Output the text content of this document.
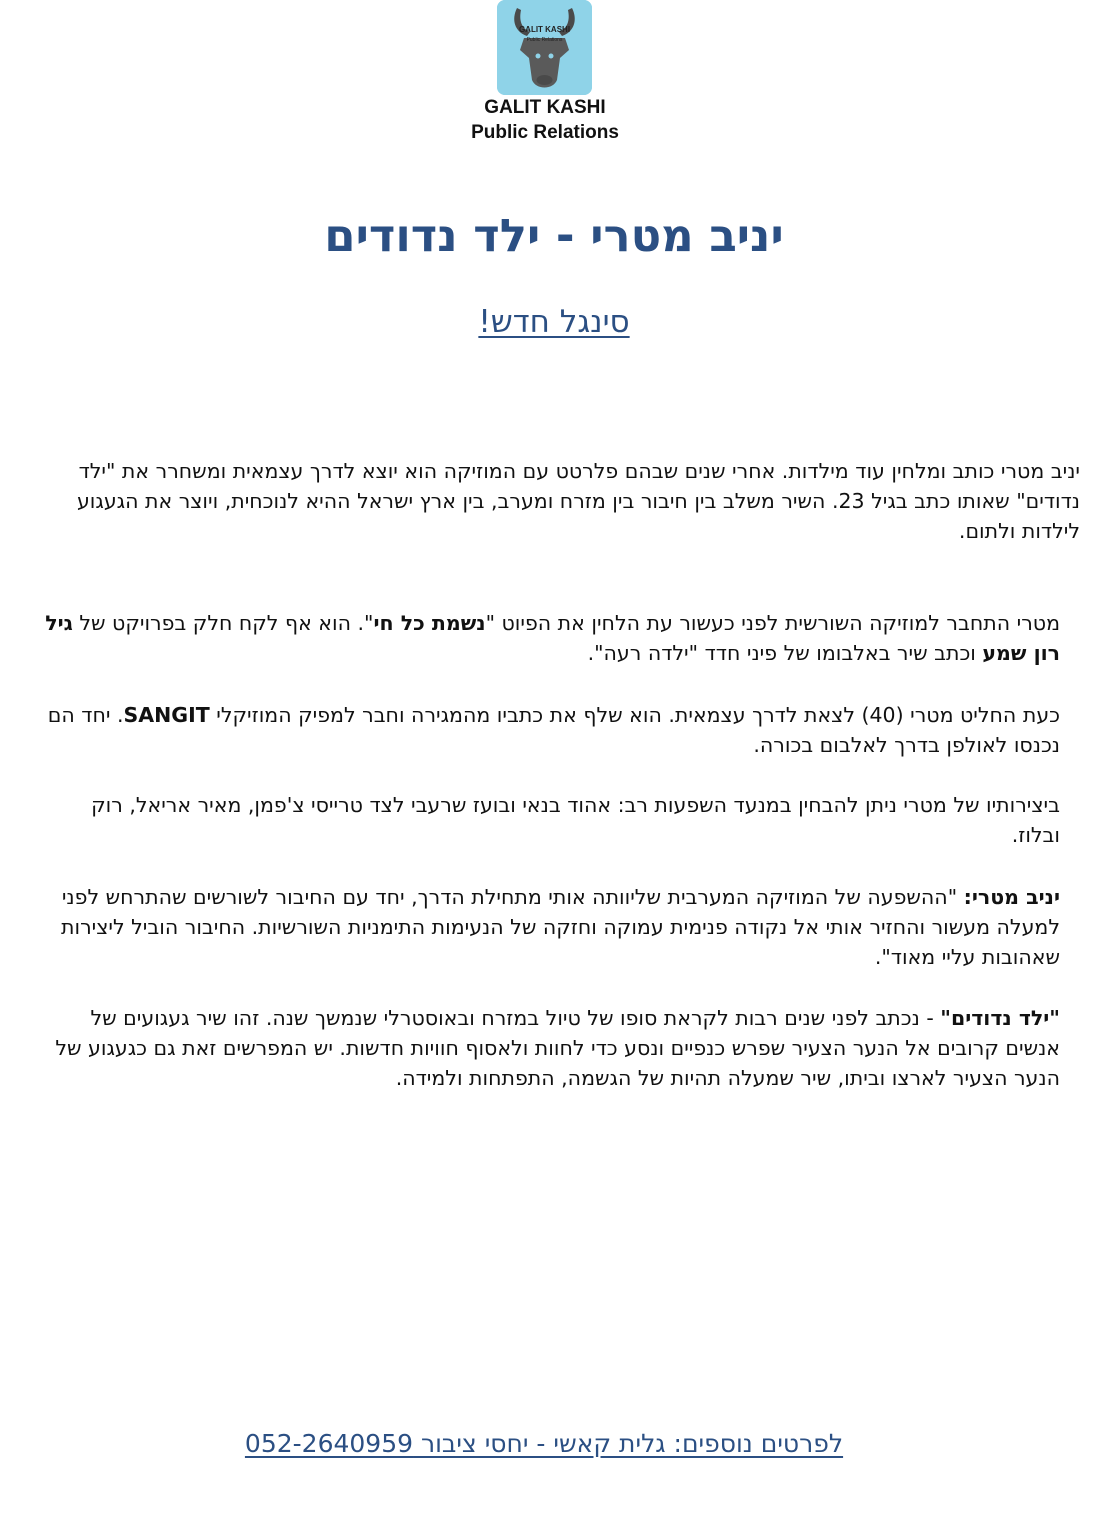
GALIT KASHI
Public Relations
GALIT KASHI
Public Relations
יניב מטרי - ילד נדודים
סינגל חדש!

יניב מטרי כותב ומלחין עוד מילדות. אחרי שנים שבהם פלרטט עם המוזיקה הוא יוצא לדרך עצמאית ומשחרר את "ילד נדודים" שאותו כתב בגיל 23. השיר משלב בין חיבור בין מזרח ומערב, בין ארץ ישראל ההיא לנוכחית, ויוצר את הגעגוע לילדות ולתום.

מטרי התחבר למוזיקה השורשית לפני כעשור עת הלחין את הפיוט "נשמת כל חי". הוא אף לקח חלק בפרויקט של גיל רון שמע וכתב שיר באלבומו של פיני חדד "ילדה רעה".

כעת החליט מטרי (40) לצאת לדרך עצמאית. הוא שלף את כתביו מהמגירה וחבר למפיק המוזיקלי SANGIT. יחד הם נכנסו לאולפן בדרך לאלבום בכורה.

ביצירותיו של מטרי ניתן להבחין במנעד השפעות רב: אהוד בנאי ובועז שרעבי לצד טרייסי צ'פמן, מאיר אריאל, רוק ובלוז.

יניב מטרי: "ההשפעה של המוזיקה המערבית שליוותה אותי מתחילת הדרך, יחד עם החיבור לשורשים שהתרחש לפני למעלה מעשור והחזיר אותי אל נקודה פנימית עמוקה וחזקה של הנעימות התימניות השורשיות. החיבור הוביל ליצירות שאהובות עליי מאוד".

"ילד נדודים" - נכתב לפני שנים רבות לקראת סופו של טיול במזרח ובאוסטרלי שנמשך שנה. זהו שיר געגועים של אנשים קרובים אל הנער הצעיר שפרש כנפיים ונסע כדי לחוות ולאסוף חוויות חדשות. יש המפרשים זאת גם כגעגוע של הנער הצעיר לארצו וביתו, שיר שמעלה תהיות של הגשמה, התפתחות ולמידה.

לפרטים נוספים: גלית קאשי - יחסי ציבור 052-2640959
